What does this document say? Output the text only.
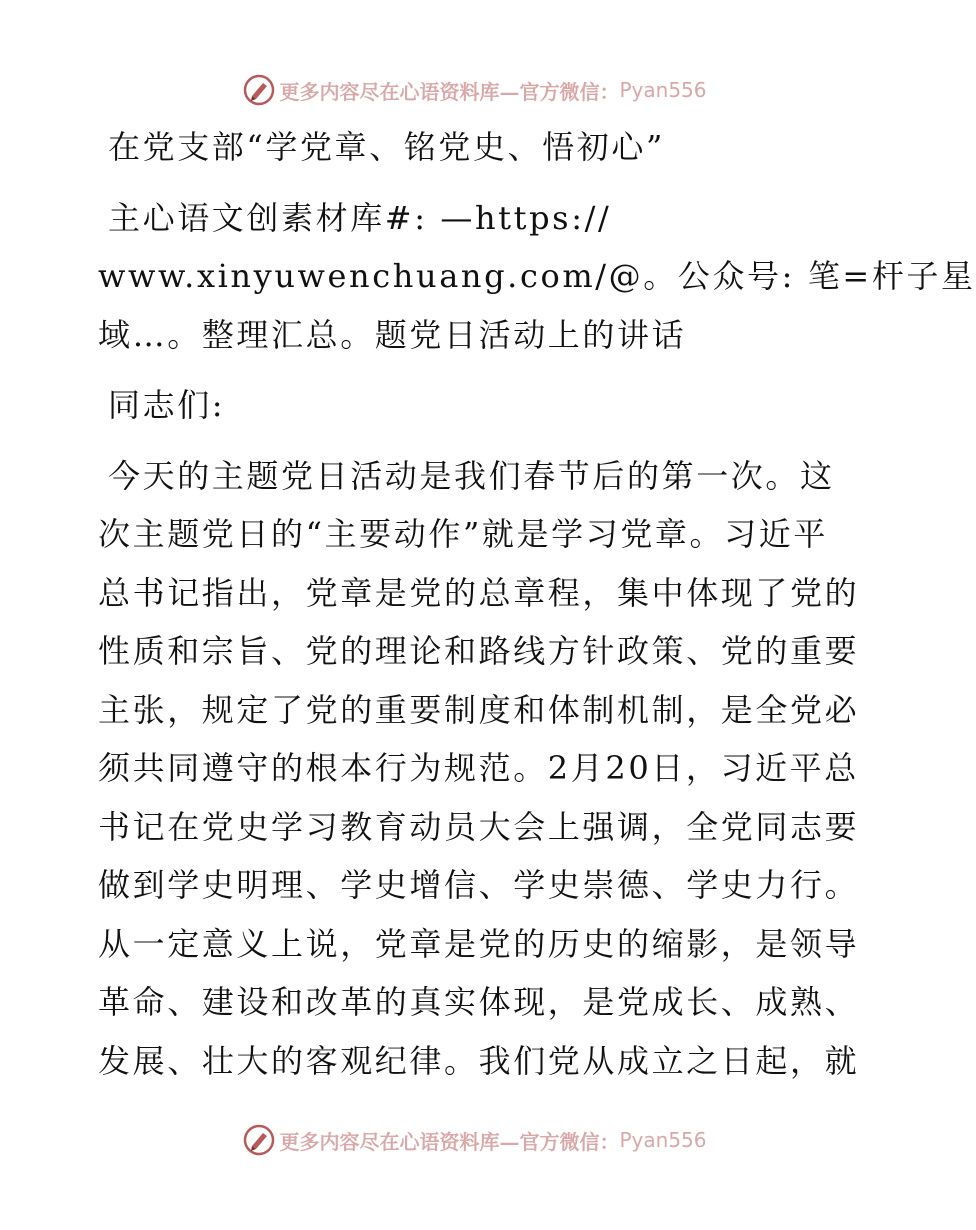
更多内容尽在心语资料库—官方微信： Pyan556
在党支部“学党章、铭党史、悟初心”
主心语文创素材库#: —https://
www.xinyuwenchuang.com/@。公众号: 笔=杆子星
域…。整理汇总。题党日活动上的讲话
同志们:
今天的主题党日活动是我们春节后的第一次。这
次主题党日的“主要动作”就是学习党章。习近平
总书记指出，党章是党的总章程，集中体现了党的
性质和宗旨、党的理论和路线方针政策、党的重要
主张，规定了党的重要制度和体制机制，是全党必
须共同遵守的根本行为规范。2月20日，习近平总
书记在党史学习教育动员大会上强调，全党同志要
做到学史明理、学史增信、学史崇德、学史力行。
从一定意义上说，党章是党的历史的缩影，是领导
革命、建设和改革的真实体现，是党成长、成熟、
发展、壮大的客观纪律。我们党从成立之日起，就
更多内容尽在心语资料库—官方微信： Pyan556
